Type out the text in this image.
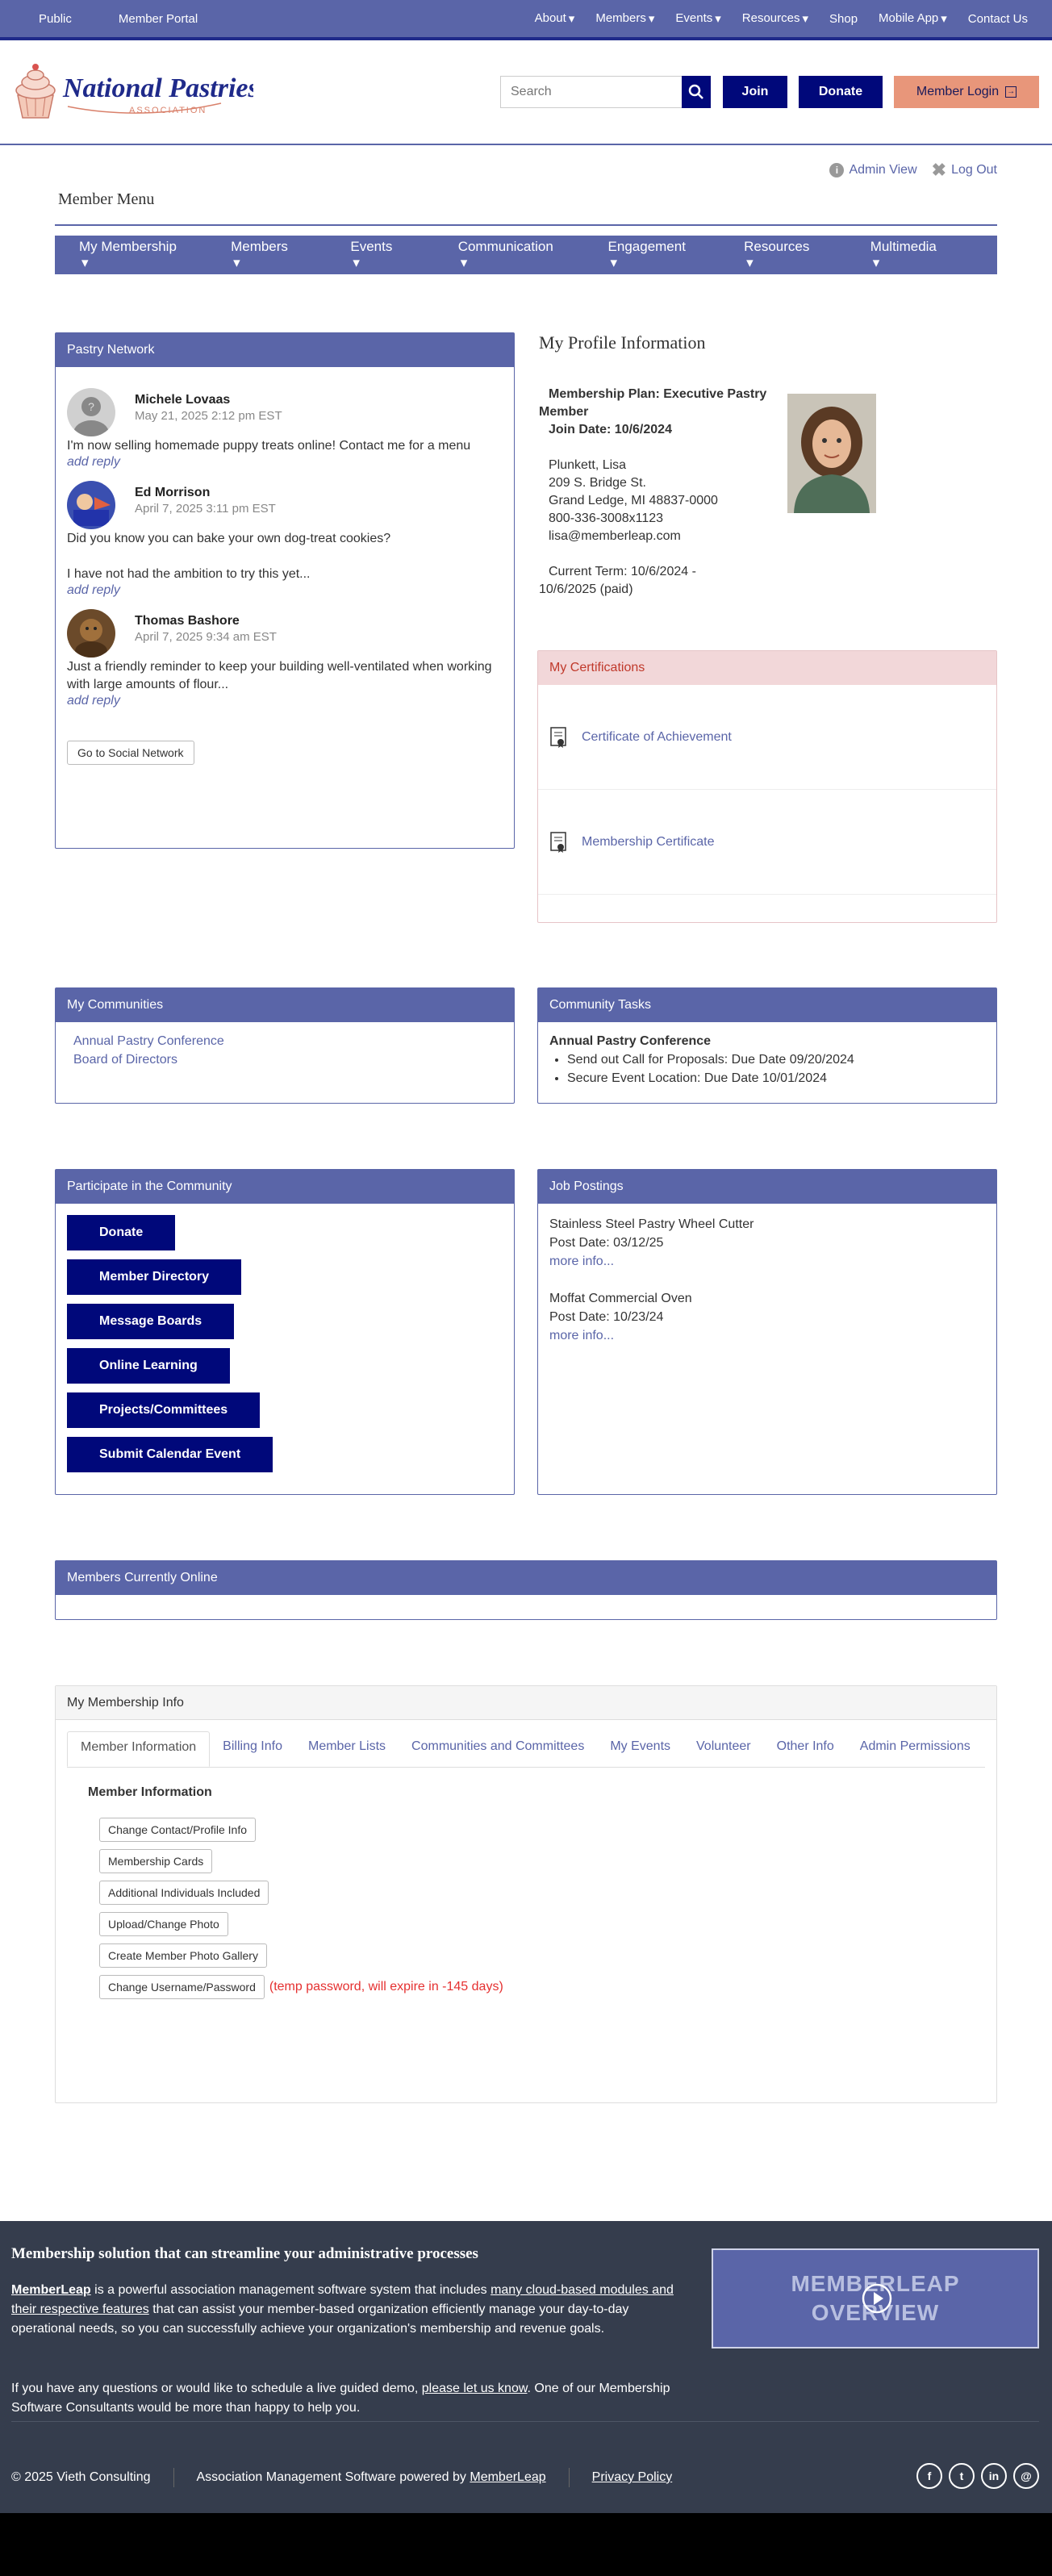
Public	Member Portal	About ▾ Members ▾ Events ▾ Resources ▾ Shop Mobile App ▾ Contact Us
National Pastries
ASSOCIATION
Search
Join	Donate	Member Login →
i Admin View ✖ Log Out
Member Menu
My Membership▾
Members▾
Events▾
Communication▾
Engagement▾
Resources▾
Multimedia▾
Pastry Network
?	Michele Lovaas
May 21, 2025 2:12 pm EST
I'm now selling homemade puppy treats online! Contact me for a menu
add reply
Ed Morrison
April 7, 2025 3:11 pm EST
Did you know you can bake your own dog-treat cookies?
I have not had the ambition to try this yet...
add reply
Thomas Bashore
April 7, 2025 9:34 am EST
Just a friendly reminder to keep your building well-ventilated when working with large amounts of flour...
add reply
Go to Social Network
My Profile Information
Membership Plan: Executive Pastry Member
Join Date: 10/6/2024
Plunkett, Lisa
209 S. Bridge St.
Grand Ledge, MI 48837-0000
800-336-3008x1123
lisa@memberleap.com
Current Term: 10/6/2024 - 10/6/2025 (paid)
My Certifications
Certificate of Achievement
Membership Certificate
My Communities
Annual Pastry Conference
Board of Directors
Community Tasks
Annual Pastry Conference
• Send out Call for Proposals: Due Date 09/20/2024
• Secure Event Location: Due Date 10/01/2024
Participate in the Community
Donate
Member Directory
Message Boards
Online Learning
Projects/Committees
Submit Calendar Event
Job Postings
Stainless Steel Pastry Wheel Cutter
Post Date: 03/12/25
more info...
Moffat Commercial Oven
Post Date: 10/23/24
more info...
Members Currently Online
My Membership Info
Member Information	Billing Info	Member Lists	Communities and Committees	My Events	Volunteer	Other Info	Admin Permissions
Member Information
Change Contact/Profile Info
Membership Cards
Additional Individuals Included
Upload/Change Photo
Create Member Photo Gallery
Change Username/Password	(temp password, will expire in -145 days)
Membership solution that can streamline your administrative processes

MemberLeap is a powerful association management software system that includes many cloud-based modules and their respective features that can assist your member-based organization efficiently manage your day-to-day operational needs, so you can successfully achieve your organization's membership and revenue goals.

If you have any questions or would like to schedule a live guided demo, please let us know. One of our Membership Software Consultants would be more than happy to help you.

MEMBERLEAP
OVERVIEW
© 2025 Vieth Consulting	Association Management Software powered by MemberLeap	Privacy Policy	f	t	in	@
